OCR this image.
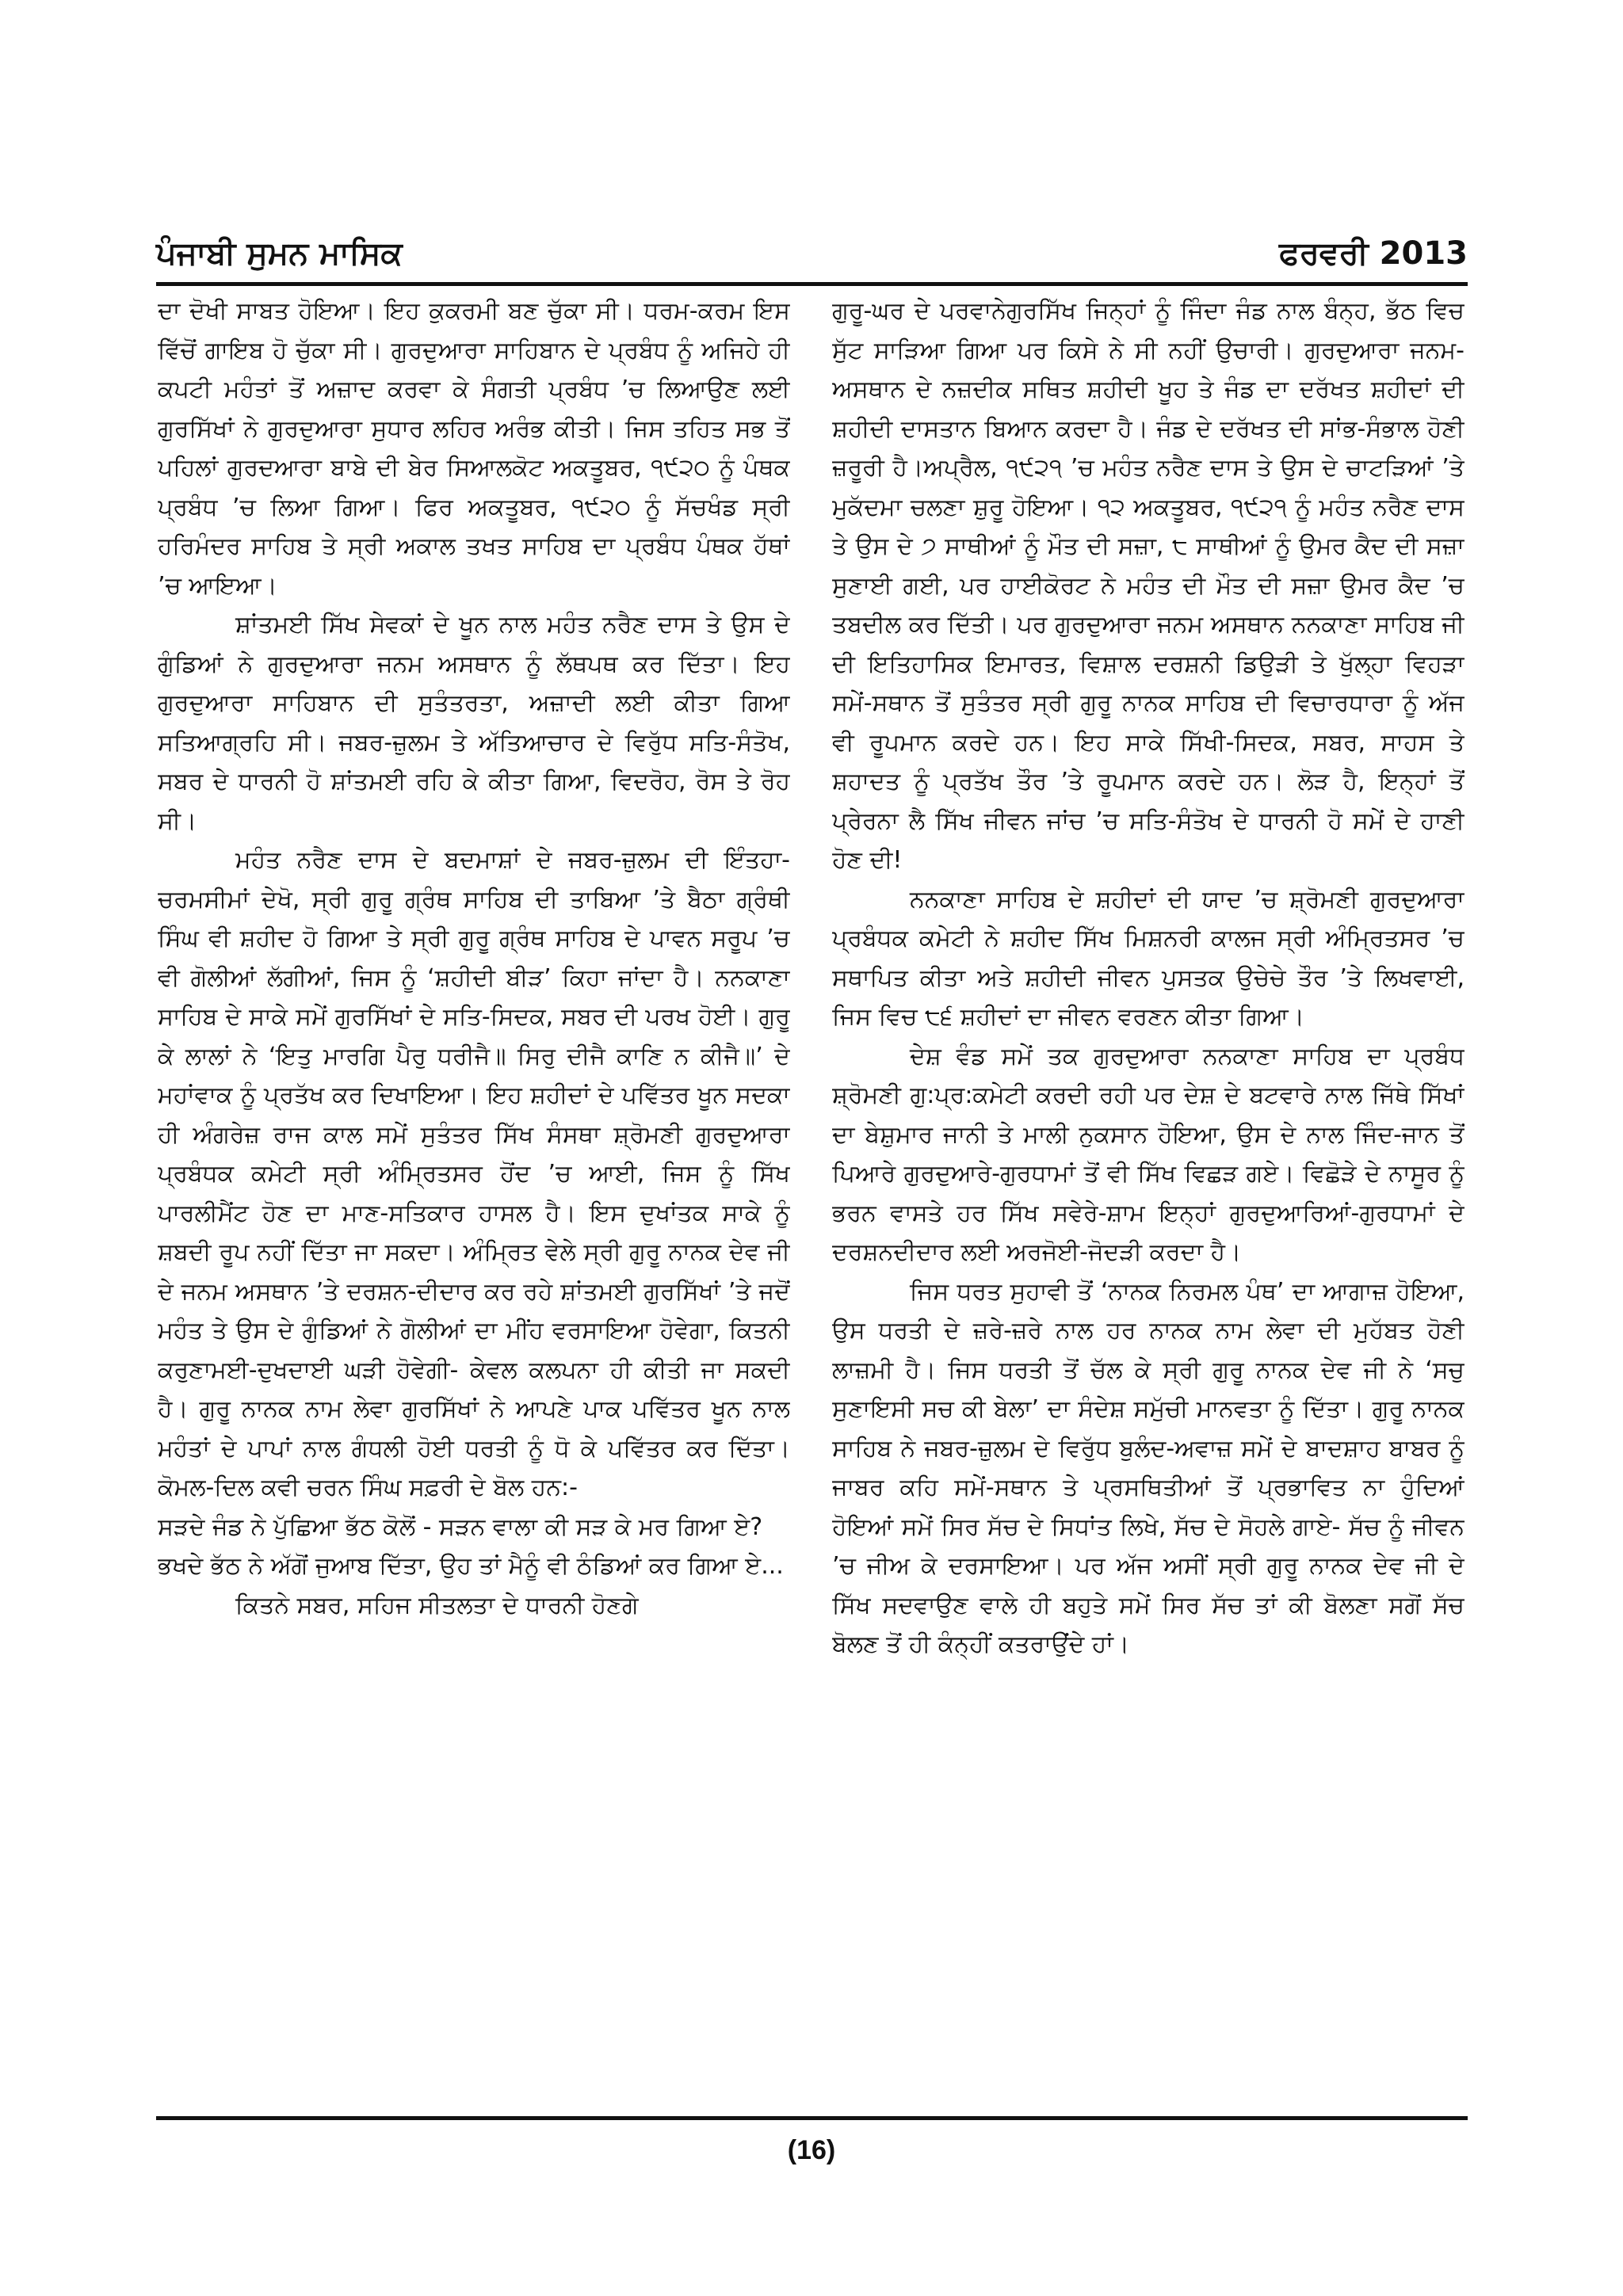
ਪੰਜਾਬੀ ਸੁਮਨ ਮਾਸਿਕ	ਫਰਵਰੀ 2013

ਦਾ ਦੋਖੀ ਸਾਬਤ ਹੋਇਆ। ਇਹ ਕੁਕਰਮੀ ਬਣ ਚੁੱਕਾ ਸੀ। ਧਰਮ-ਕਰਮ ਇਸ ਵਿੱਚੋਂ ਗਾਇਬ ਹੋ ਚੁੱਕਾ ਸੀ। ਗੁਰਦੁਆਰਾ ਸਾਹਿਬਾਨ ਦੇ ਪ੍ਰਬੰਧ ਨੂੰ ਅਜਿਹੇ ਹੀ ਕਪਟੀ ਮਹੰਤਾਂ ਤੋਂ ਅਜ਼ਾਦ ਕਰਵਾ ਕੇ ਸੰਗਤੀ ਪ੍ਰਬੰਧ ’ਚ ਲਿਆਉਣ ਲਈ ਗੁਰਸਿੱਖਾਂ ਨੇ ਗੁਰਦੁਆਰਾ ਸੁਧਾਰ ਲਹਿਰ ਅਰੰਭ ਕੀਤੀ। ਜਿਸ ਤਹਿਤ ਸਭ ਤੋਂ ਪਹਿਲਾਂ ਗੁਰਦਆਰਾ ਬਾਬੇ ਦੀ ਬੇਰ ਸਿਆਲਕੋਟ ਅਕਤੂਬਰ, ੧੯੨੦ ਨੂੰ ਪੰਥਕ ਪ੍ਰਬੰਧ ’ਚ ਲਿਆ ਗਿਆ। ਫਿਰ ਅਕਤੂਬਰ, ੧੯੨੦ ਨੂੰ ਸੱਚਖੰਡ ਸ੍ਰੀ ਹਰਿਮੰਦਰ ਸਾਹਿਬ ਤੇ ਸ੍ਰੀ ਅਕਾਲ ਤਖਤ ਸਾਹਿਬ ਦਾ ਪ੍ਰਬੰਧ ਪੰਥਕ ਹੱਥਾਂ ’ਚ ਆਇਆ।

ਸ਼ਾਂਤਮਈ ਸਿੱਖ ਸੇਵਕਾਂ ਦੇ ਖੂਨ ਨਾਲ ਮਹੰਤ ਨਰੈਣ ਦਾਸ ਤੇ ਉਸ ਦੇ ਗੁੰਡਿਆਂ ਨੇ ਗੁਰਦੁਆਰਾ ਜਨਮ ਅਸਥਾਨ ਨੂੰ ਲੱਥਪਥ ਕਰ ਦਿੱਤਾ। ਇਹ ਗੁਰਦੁਆਰਾ ਸਾਹਿਬਾਨ ਦੀ ਸੁਤੰਤਰਤਾ, ਅਜ਼ਾਦੀ ਲਈ ਕੀਤਾ ਗਿਆ ਸਤਿਆਗ੍ਰਹਿ ਸੀ। ਜਬਰ-ਜ਼ੁਲਮ ਤੇ ਅੱਤਿਆਚਾਰ ਦੇ ਵਿਰੁੱਧ ਸਤਿ-ਸੰਤੋਖ, ਸਬਰ ਦੇ ਧਾਰਨੀ ਹੋ ਸ਼ਾਂਤਮਈ ਰਹਿ ਕੇ ਕੀਤਾ ਗਿਆ, ਵਿਦਰੋਹ, ਰੋਸ ਤੇ ਰੋਹ ਸੀ।

ਮਹੰਤ ਨਰੈਣ ਦਾਸ ਦੇ ਬਦਮਾਸ਼ਾਂ ਦੇ ਜਬਰ-ਜ਼ੁਲਮ ਦੀ ਇੰਤਹਾ-ਚਰਮਸੀਮਾਂ ਦੇਖੋ, ਸ੍ਰੀ ਗੁਰੂ ਗ੍ਰੰਥ ਸਾਹਿਬ ਦੀ ਤਾਬਿਆ ’ਤੇ ਬੈਠਾ ਗ੍ਰੰਥੀ ਸਿੰਘ ਵੀ ਸ਼ਹੀਦ ਹੋ ਗਿਆ ਤੇ ਸ੍ਰੀ ਗੁਰੂ ਗ੍ਰੰਥ ਸਾਹਿਬ ਦੇ ਪਾਵਨ ਸਰੂਪ ’ਚ ਵੀ ਗੋਲੀਆਂ ਲੱਗੀਆਂ, ਜਿਸ ਨੂੰ ‘ਸ਼ਹੀਦੀ ਬੀੜ’ ਕਿਹਾ ਜਾਂਦਾ ਹੈ। ਨਨਕਾਣਾ ਸਾਹਿਬ ਦੇ ਸਾਕੇ ਸਮੇਂ ਗੁਰਸਿੱਖਾਂ ਦੇ ਸਤਿ-ਸਿਦਕ, ਸਬਰ ਦੀ ਪਰਖ ਹੋਈ। ਗੁਰੂ ਕੇ ਲਾਲਾਂ ਨੇ ‘ਇਤੁ ਮਾਰਗਿ ਪੈਰੁ ਧਰੀਜੈ॥ ਸਿਰੁ ਦੀਜੈ ਕਾਣਿ ਨ ਕੀਜੈ॥’ ਦੇ ਮਹਾਂਵਾਕ ਨੂੰ ਪ੍ਰਤੱਖ ਕਰ ਦਿਖਾਇਆ। ਇਹ ਸ਼ਹੀਦਾਂ ਦੇ ਪਵਿੱਤਰ ਖੂਨ ਸਦਕਾ ਹੀ ਅੰਗਰੇਜ਼ ਰਾਜ ਕਾਲ ਸਮੇਂ ਸੁਤੰਤਰ ਸਿੱਖ ਸੰਸਥਾ ਸ਼੍ਰੋਮਣੀ ਗੁਰਦੁਆਰਾ ਪ੍ਰਬੰਧਕ ਕਮੇਟੀ ਸ੍ਰੀ ਅੰਮ੍ਰਿਤਸਰ ਹੋਂਦ ’ਚ ਆਈ, ਜਿਸ ਨੂੰ ਸਿੱਖ ਪਾਰਲੀਮੈਂਟ ਹੋਣ ਦਾ ਮਾਣ-ਸਤਿਕਾਰ ਹਾਸਲ ਹੈ। ਇਸ ਦੁਖਾਂਤਕ ਸਾਕੇ ਨੂੰ ਸ਼ਬਦੀ ਰੂਪ ਨਹੀਂ ਦਿੱਤਾ ਜਾ ਸਕਦਾ। ਅੰਮ੍ਰਿਤ ਵੇਲੇ ਸ੍ਰੀ ਗੁਰੂ ਨਾਨਕ ਦੇਵ ਜੀ ਦੇ ਜਨਮ ਅਸਥਾਨ ’ਤੇ ਦਰਸ਼ਨ-ਦੀਦਾਰ ਕਰ ਰਹੇ ਸ਼ਾਂਤਮਈ ਗੁਰਸਿੱਖਾਂ ’ਤੇ ਜਦੋਂ ਮਹੰਤ ਤੇ ਉਸ ਦੇ ਗੁੰਡਿਆਂ ਨੇ ਗੋਲੀਆਂ ਦਾ ਮੀਂਹ ਵਰਸਾਇਆ ਹੋਵੇਗਾ, ਕਿਤਨੀ ਕਰੁਣਾਮਈ-ਦੁਖਦਾਈ ਘੜੀ ਹੋਵੇਗੀ- ਕੇਵਲ ਕਲਪਨਾ ਹੀ ਕੀਤੀ ਜਾ ਸਕਦੀ ਹੈ। ਗੁਰੂ ਨਾਨਕ ਨਾਮ ਲੇਵਾ ਗੁਰਸਿੱਖਾਂ ਨੇ ਆਪਣੇ ਪਾਕ ਪਵਿੱਤਰ ਖੂਨ ਨਾਲ ਮਹੰਤਾਂ ਦੇ ਪਾਪਾਂ ਨਾਲ ਗੰਧਲੀ ਹੋਈ ਧਰਤੀ ਨੂੰ ਧੋ ਕੇ ਪਵਿੱਤਰ ਕਰ ਦਿੱਤਾ। ਕੋਮਲ-ਦਿਲ ਕਵੀ ਚਰਨ ਸਿੰਘ ਸਫ਼ਰੀ ਦੇ ਬੋਲ ਹਨ:-

ਸੜਦੇ ਜੰਡ ਨੇ ਪੁੱਛਿਆ ਭੱਠ ਕੋਲੋਂ - ਸੜਨ ਵਾਲਾ ਕੀ ਸੜ ਕੇ ਮਰ ਗਿਆ ਏ?

ਭਖਦੇ ਭੱਠ ਨੇ ਅੱਗੋਂ ਜੁਆਬ ਦਿੱਤਾ, ਉਹ ਤਾਂ ਮੈਨੂੰ ਵੀ ਠੰਡਿਆਂ ਕਰ ਗਿਆ ਏ...

ਕਿਤਨੇ ਸਬਰ, ਸਹਿਜ ਸੀਤਲਤਾ ਦੇ ਧਾਰਨੀ ਹੋਣਗੇ

ਗੁਰੂ-ਘਰ ਦੇ ਪਰਵਾਨੇਗੁਰਸਿੱਖ ਜਿਨ੍ਹਾਂ ਨੂੰ ਜਿੰਦਾ ਜੰਡ ਨਾਲ ਬੰਨ੍ਹ, ਭੱਠ ਵਿਚ ਸੁੱਟ ਸਾੜਿਆ ਗਿਆ ਪਰ ਕਿਸੇ ਨੇ ਸੀ ਨਹੀਂ ਉਚਾਰੀ। ਗੁਰਦੁਆਰਾ ਜਨਮ-ਅਸਥਾਨ ਦੇ ਨਜ਼ਦੀਕ ਸਥਿਤ ਸ਼ਹੀਦੀ ਖੂਹ ਤੇ ਜੰਡ ਦਾ ਦਰੱਖਤ ਸ਼ਹੀਦਾਂ ਦੀ ਸ਼ਹੀਦੀ ਦਾਸਤਾਨ ਬਿਆਨ ਕਰਦਾ ਹੈ। ਜੰਡ ਦੇ ਦਰੱਖਤ ਦੀ ਸਾਂਭ-ਸੰਭਾਲ ਹੋਣੀ ਜ਼ਰੂਰੀ ਹੈ।ਅਪ੍ਰੈਲ, ੧੯੨੧ ’ਚ ਮਹੰਤ ਨਰੈਣ ਦਾਸ ਤੇ ਉਸ ਦੇ ਚਾਟੜਿਆਂ ’ਤੇ ਮੁਕੱਦਮਾ ਚਲਣਾ ਸ਼ੁਰੂ ਹੋਇਆ। ੧੨ ਅਕਤੂਬਰ, ੧੯੨੧ ਨੂੰ ਮਹੰਤ ਨਰੈਣ ਦਾਸ ਤੇ ਉਸ ਦੇ ੭ ਸਾਥੀਆਂ ਨੂੰ ਮੌਤ ਦੀ ਸਜ਼ਾ, ੮ ਸਾਥੀਆਂ ਨੂੰ ਉਮਰ ਕੈਦ ਦੀ ਸਜ਼ਾ ਸੁਣਾਈ ਗਈ, ਪਰ ਹਾਈਕੋਰਟ ਨੇ ਮਹੰਤ ਦੀ ਮੌਤ ਦੀ ਸਜ਼ਾ ਉਮਰ ਕੈਦ ’ਚ ਤਬਦੀਲ ਕਰ ਦਿੱਤੀ। ਪਰ ਗੁਰਦੁਆਰਾ ਜਨਮ ਅਸਥਾਨ ਨਨਕਾਣਾ ਸਾਹਿਬ ਜੀ ਦੀ ਇਤਿਹਾਸਿਕ ਇਮਾਰਤ, ਵਿਸ਼ਾਲ ਦਰਸ਼ਨੀ ਡਿਉੜੀ ਤੇ ਖੁੱਲ੍ਹਾ ਵਿਹੜਾ ਸਮੇਂ-ਸਥਾਨ ਤੋਂ ਸੁਤੰਤਰ ਸ੍ਰੀ ਗੁਰੂ ਨਾਨਕ ਸਾਹਿਬ ਦੀ ਵਿਚਾਰਧਾਰਾ ਨੂੰ ਅੱਜ ਵੀ ਰੂਪਮਾਨ ਕਰਦੇ ਹਨ। ਇਹ ਸਾਕੇ ਸਿੱਖੀ-ਸਿਦਕ, ਸਬਰ, ਸਾਹਸ ਤੇ ਸ਼ਹਾਦਤ ਨੂੰ ਪ੍ਰਤੱਖ ਤੌਰ ’ਤੇ ਰੂਪਮਾਨ ਕਰਦੇ ਹਨ। ਲੋੜ ਹੈ, ਇਨ੍ਹਾਂ ਤੋਂ ਪ੍ਰੇਰਨਾ ਲੈ ਸਿੱਖ ਜੀਵਨ ਜਾਂਚ ’ਚ ਸਤਿ-ਸੰਤੋਖ ਦੇ ਧਾਰਨੀ ਹੋ ਸਮੇਂ ਦੇ ਹਾਣੀ ਹੋਣ ਦੀ!

ਨਨਕਾਣਾ ਸਾਹਿਬ ਦੇ ਸ਼ਹੀਦਾਂ ਦੀ ਯਾਦ ’ਚ ਸ਼੍ਰੋਮਣੀ ਗੁਰਦੁਆਰਾ ਪ੍ਰਬੰਧਕ ਕਮੇਟੀ ਨੇ ਸ਼ਹੀਦ ਸਿੱਖ ਮਿਸ਼ਨਰੀ ਕਾਲਜ ਸ੍ਰੀ ਅੰਮ੍ਰਿਤਸਰ ’ਚ ਸਥਾਪਿਤ ਕੀਤਾ ਅਤੇ ਸ਼ਹੀਦੀ ਜੀਵਨ ਪੁਸਤਕ ਉਚੇਚੇ ਤੌਰ ’ਤੇ ਲਿਖਵਾਈ, ਜਿਸ ਵਿਚ ੮੬ ਸ਼ਹੀਦਾਂ ਦਾ ਜੀਵਨ ਵਰਣਨ ਕੀਤਾ ਗਿਆ।

ਦੇਸ਼ ਵੰਡ ਸਮੇਂ ਤਕ ਗੁਰਦੁਆਰਾ ਨਨਕਾਣਾ ਸਾਹਿਬ ਦਾ ਪ੍ਰਬੰਧ ਸ਼੍ਰੋਮਣੀ ਗੁ:ਪ੍ਰ:ਕਮੇਟੀ ਕਰਦੀ ਰਹੀ ਪਰ ਦੇਸ਼ ਦੇ ਬਟਵਾਰੇ ਨਾਲ ਜਿੱਥੇ ਸਿੱਖਾਂ ਦਾ ਬੇਸ਼ੁਮਾਰ ਜਾਨੀ ਤੇ ਮਾਲੀ ਨੁਕਸਾਨ ਹੋਇਆ, ਉਸ ਦੇ ਨਾਲ ਜਿੰਦ-ਜਾਨ ਤੋਂ ਪਿਆਰੇ ਗੁਰਦੁਆਰੇ-ਗੁਰਧਾਮਾਂ ਤੋਂ ਵੀ ਸਿੱਖ ਵਿਛੜ ਗਏ। ਵਿਛੋੜੇ ਦੇ ਨਾਸੂਰ ਨੂੰ ਭਰਨ ਵਾਸਤੇ ਹਰ ਸਿੱਖ ਸਵੇਰੇ-ਸ਼ਾਮ ਇਨ੍ਹਾਂ ਗੁਰਦੁਆਰਿਆਂ-ਗੁਰਧਾਮਾਂ ਦੇ ਦਰਸ਼ਨਦੀਦਾਰ ਲਈ ਅਰਜੋਈ-ਜੋਦੜੀ ਕਰਦਾ ਹੈ।

ਜਿਸ ਧਰਤ ਸੁਹਾਵੀ ਤੋਂ ‘ਨਾਨਕ ਨਿਰਮਲ ਪੰਥ’ ਦਾ ਆਗਾਜ਼ ਹੋਇਆ, ਉਸ ਧਰਤੀ ਦੇ ਜ਼ਰੇ-ਜ਼ਰੇ ਨਾਲ ਹਰ ਨਾਨਕ ਨਾਮ ਲੇਵਾ ਦੀ ਮੁਹੱਬਤ ਹੋਣੀ ਲਾਜ਼ਮੀ ਹੈ। ਜਿਸ ਧਰਤੀ ਤੋਂ ਚੱਲ ਕੇ ਸ੍ਰੀ ਗੁਰੂ ਨਾਨਕ ਦੇਵ ਜੀ ਨੇ ‘ਸਚੁ ਸੁਣਾਇਸੀ ਸਚ ਕੀ ਬੇਲਾ’ ਦਾ ਸੰਦੇਸ਼ ਸਮੁੱਚੀ ਮਾਨਵਤਾ ਨੂੰ ਦਿੱਤਾ। ਗੁਰੂ ਨਾਨਕ ਸਾਹਿਬ ਨੇ ਜਬਰ-ਜ਼ੁਲਮ ਦੇ ਵਿਰੁੱਧ ਬੁਲੰਦ-ਅਵਾਜ਼ ਸਮੇਂ ਦੇ ਬਾਦਸ਼ਾਹ ਬਾਬਰ ਨੂੰ ਜਾਬਰ ਕਹਿ ਸਮੇਂ-ਸਥਾਨ ਤੇ ਪ੍ਰਸਥਿਤੀਆਂ ਤੋਂ ਪ੍ਰਭਾਵਿਤ ਨਾ ਹੁੰਦਿਆਂ ਹੋਇਆਂ ਸਮੇਂ ਸਿਰ ਸੱਚ ਦੇ ਸਿਧਾਂਤ ਲਿਖੇ, ਸੱਚ ਦੇ ਸੋਹਲੇ ਗਾਏ- ਸੱਚ ਨੂੰ ਜੀਵਨ ’ਚ ਜੀਅ ਕੇ ਦਰਸਾਇਆ। ਪਰ ਅੱਜ ਅਸੀਂ ਸ੍ਰੀ ਗੁਰੂ ਨਾਨਕ ਦੇਵ ਜੀ ਦੇ ਸਿੱਖ ਸਦਵਾਉਣ ਵਾਲੇ ਹੀ ਬਹੁਤੇ ਸਮੇਂ ਸਿਰ ਸੱਚ ਤਾਂ ਕੀ ਬੋਲਣਾ ਸਗੋਂ ਸੱਚ ਬੋਲਣ ਤੋਂ ਹੀ ਕੰਨ੍ਹੀਂ ਕਤਰਾਉਂਦੇ ਹਾਂ।

(16)
